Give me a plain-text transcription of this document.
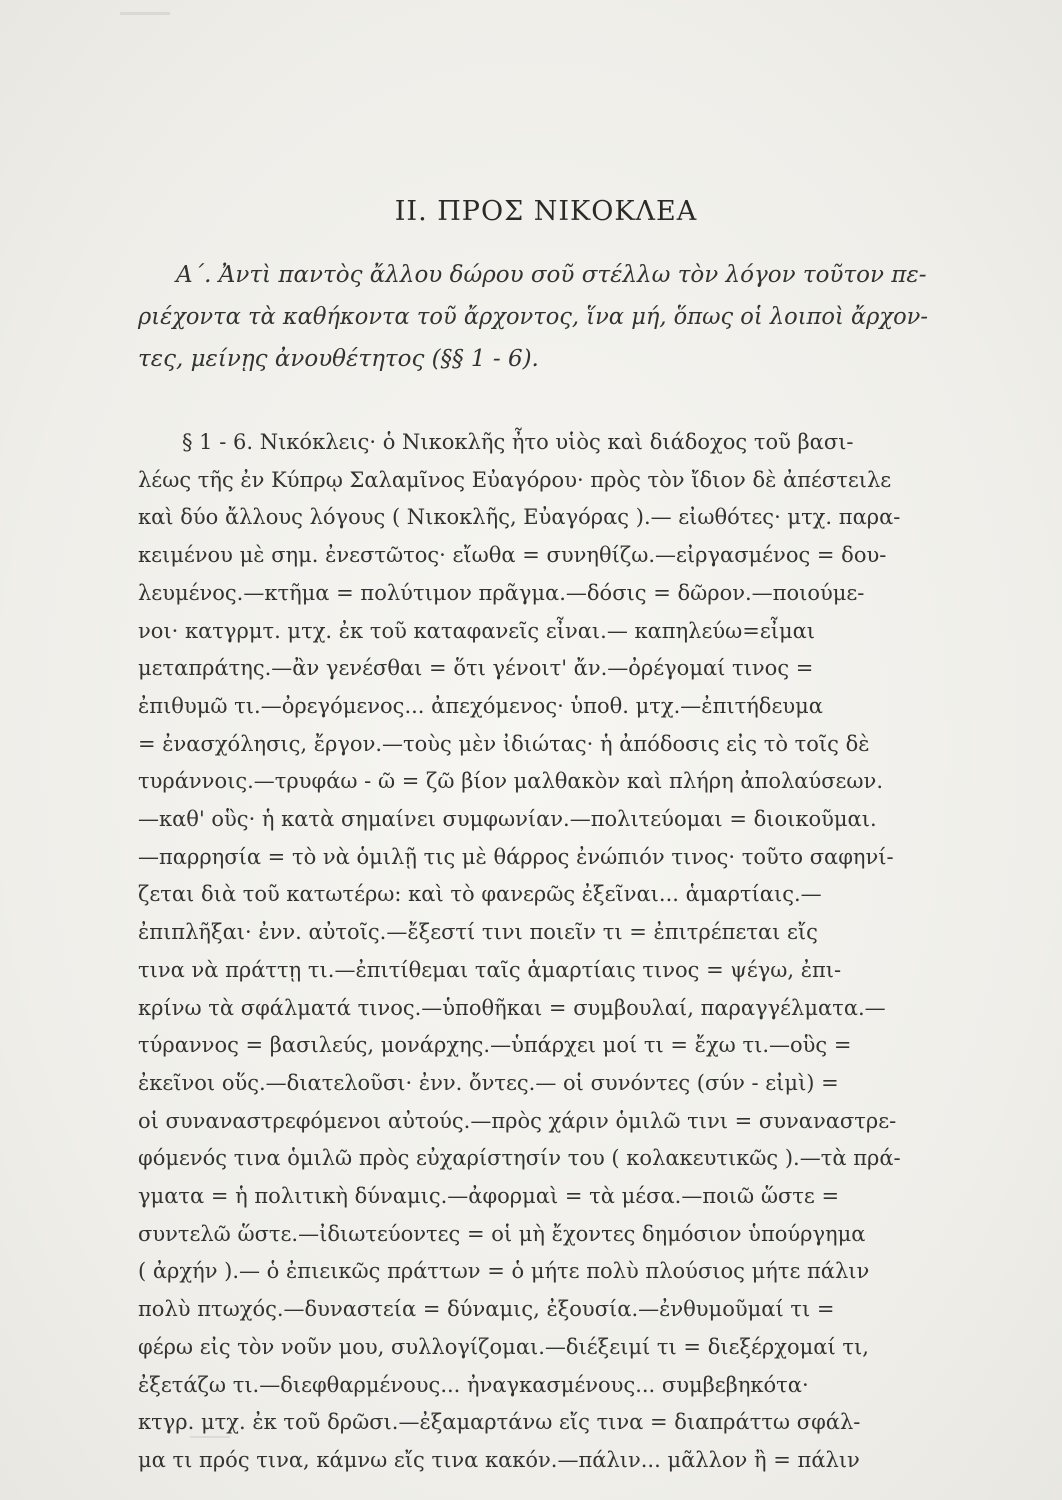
II. ΠΡΟΣ ΝΙΚΟΚΛΕΑ
Α΄. Ἀντὶ παντὸς ἄλλου δώρου σοῦ στέλλω τὸν λόγον τοῦτον πε-
ριέχοντα τὰ καθήκοντα τοῦ ἄρχοντος, ἵνα μή, ὅπως οἱ λοιποὶ ἄρχον-
τες, μείνῃς ἀνουθέτητος (§§ 1 - 6).
§ 1 - 6. Νικόκλεις· ὁ Νικοκλῆς ἦτο υἱὸς καὶ διάδοχος τοῦ βασι-
λέως τῆς ἐν Κύπρῳ Σαλαμῖνος Εὐαγόρου· πρὸς τὸν ἴδιον δὲ ἀπέστειλε
καὶ δύο ἄλλους λόγους ( Νικοκλῆς, Εὐαγόρας ).— εἰωθότες· μτχ. παρα-
κειμένου μὲ σημ. ἐνεστῶτος· εἴωθα = συνηθίζω.—εἰργασμένος = δου-
λευμένος.—κτῆμα = πολύτιμον πρᾶγμα.—δόσις = δῶρον.—ποιούμε-
νοι· κατγρμτ. μτχ. ἐκ τοῦ καταφανεῖς εἶναι.— καπηλεύω=εἶμαι
μεταπράτης.—ἂν γενέσθαι = ὅτι γένοιτ' ἄν.—ὀρέγομαί τινος =
ἐπιθυμῶ τι.—ὀρεγόμενος... ἀπεχόμενος· ὑποθ. μτχ.—ἐπιτήδευμα
= ἐνασχόλησις, ἔργον.—τοὺς μὲν ἰδιώτας· ἡ ἀπόδοσις εἰς τὸ τοῖς δὲ
τυράννοις.—τρυφάω - ῶ = ζῶ βίον μαλθακὸν καὶ πλήρη ἀπολαύσεων.
—καθ' οὓς· ἡ κατὰ σημαίνει συμφωνίαν.—πολιτεύομαι = διοικοῦμαι.
—παρρησία = τὸ νὰ ὁμιλῇ τις μὲ θάρρος ἐνώπιόν τινος· τοῦτο σαφηνί-
ζεται διὰ τοῦ κατωτέρω: καὶ τὸ φανερῶς ἐξεῖναι... ἁμαρτίαις.—
ἐπιπλῆξαι· ἐνν. αὐτοῖς.—ἔξεστί τινι ποιεῖν τι = ἐπιτρέπεται εἴς
τινα νὰ πράττῃ τι.—ἐπιτίθεμαι ταῖς ἁμαρτίαις τινος = ψέγω, ἐπι-
κρίνω τὰ σφάλματά τινος.—ὑποθῆκαι = συμβουλαί, παραγγέλματα.—
τύραννος = βασιλεύς, μονάρχης.—ὑπάρχει μοί τι = ἔχω τι.—οὓς =
ἐκεῖνοι οὕς.—διατελοῦσι· ἐνν. ὄντες.— οἱ συνόντες (σύν - εἰμὶ) =
οἱ συναναστρεφόμενοι αὐτούς.—πρὸς χάριν ὁμιλῶ τινι = συναναστρε-
φόμενός τινα ὁμιλῶ πρὸς εὐχαρίστησίν του ( κολακευτικῶς ).—τὰ πρά-
γματα = ἡ πολιτικὴ δύναμις.—ἀφορμαὶ = τὰ μέσα.—ποιῶ ὥστε =
συντελῶ ὥστε.—ἰδιωτεύοντες = οἱ μὴ ἔχοντες δημόσιον ὑπούργημα
( ἀρχήν ).— ὁ ἐπιεικῶς πράττων = ὁ μήτε πολὺ πλούσιος μήτε πάλιν
πολὺ πτωχός.—δυναστεία = δύναμις, ἐξουσία.—ἐνθυμοῦμαί τι =
φέρω εἰς τὸν νοῦν μου, συλλογίζομαι.—διέξειμί τι = διεξέρχομαί τι,
ἐξετάζω τι.—διεφθαρμένους... ἠναγκασμένους... συμβεβηκότα·
κτγρ. μτχ. ἐκ τοῦ δρῶσι.—ἐξαμαρτάνω εἴς τινα = διαπράττω σφάλ-
μα τι πρός τινα, κάμνω εἴς τινα κακόν.—πάλιν... μᾶλλον ἢ = πάλιν
